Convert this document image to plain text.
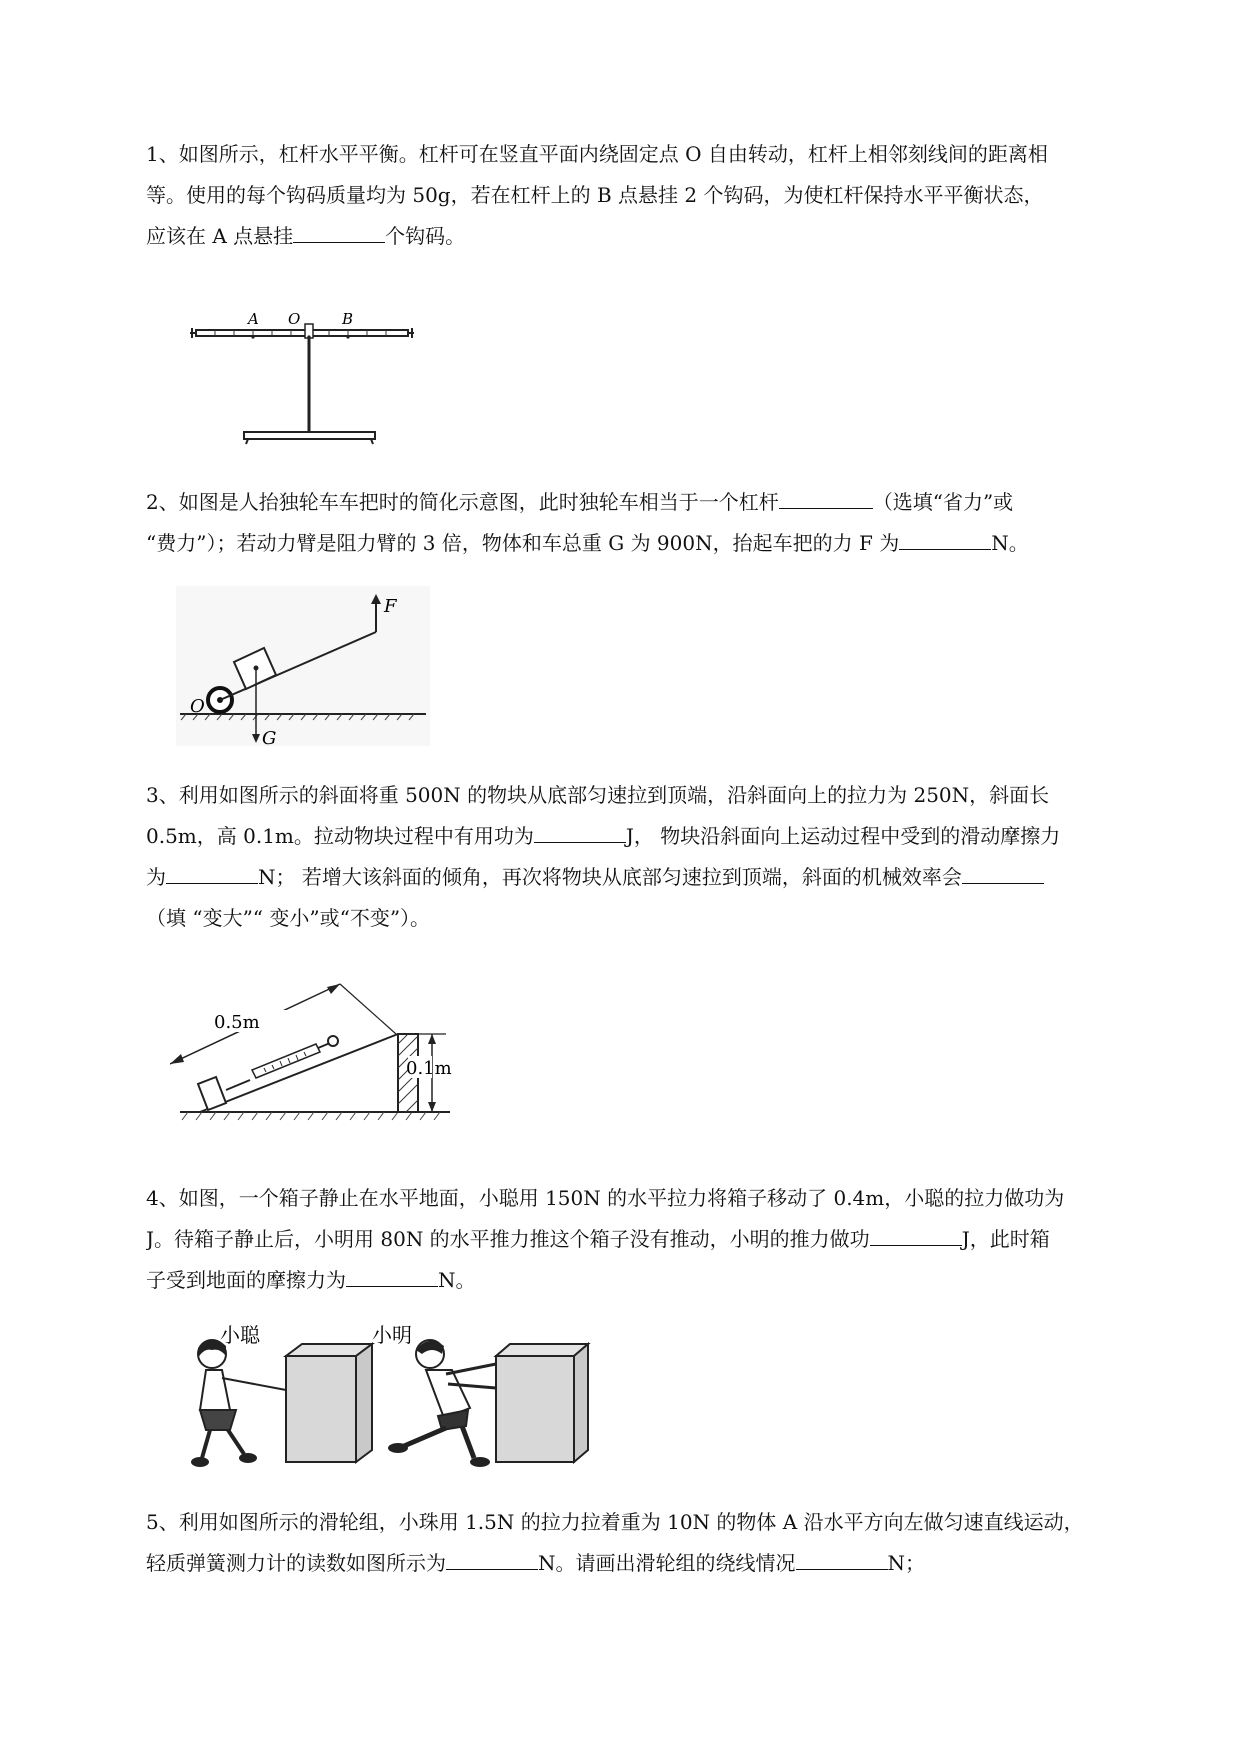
1、如图所示，杠杆水平平衡。杠杆可在竖直平面内绕固定点 O 自由转动，杠杆上相邻刻线间的距离相
等。使用的每个钩码质量均为 50g，若在杠杆上的 B 点悬挂 2 个钩码，为使杠杆保持水平平衡状态，
应该在 A 点悬挂	个钩码。
A O	B
2、如图是人抬独轮车车把时的简化示意图，此时独轮车相当于一个杠杆	（选填“省力”或
“费力”）；若动力臂是阻力臂的 3 倍，物体和车总重 G 为 900N，抬起车把的力 F 为	N。
F
O
G
3、利用如图所示的斜面将重 500N 的物块从底部匀速拉到顶端，沿斜面向上的拉力为 250N，斜面长
0.5m，高 0.1m。拉动物块过程中有用功为	J， 物块沿斜面向上运动过程中受到的滑动摩擦力
为	N； 若增大该斜面的倾角，再次将物块从底部匀速拉到顶端，斜面的机械效率会
（填 “变大”“ 变小”或“不变”）。
0.5m
0.1m
4、如图，一个箱子静止在水平地面，小聪用 150N 的水平拉力将箱子移动了 0.4m，小聪的拉力做功为
J。待箱子静止后，小明用 80N 的水平推力推这个箱子没有推动，小明的推力做功	J，此时箱
子受到地面的摩擦力为	N。
小聪	小明
5、利用如图所示的滑轮组，小珠用 1.5N 的拉力拉着重为 10N 的物体 A 沿水平方向左做匀速直线运动，
轻质弹簧测力计的读数如图所示为	N。请画出滑轮组的绕线情况	N；
